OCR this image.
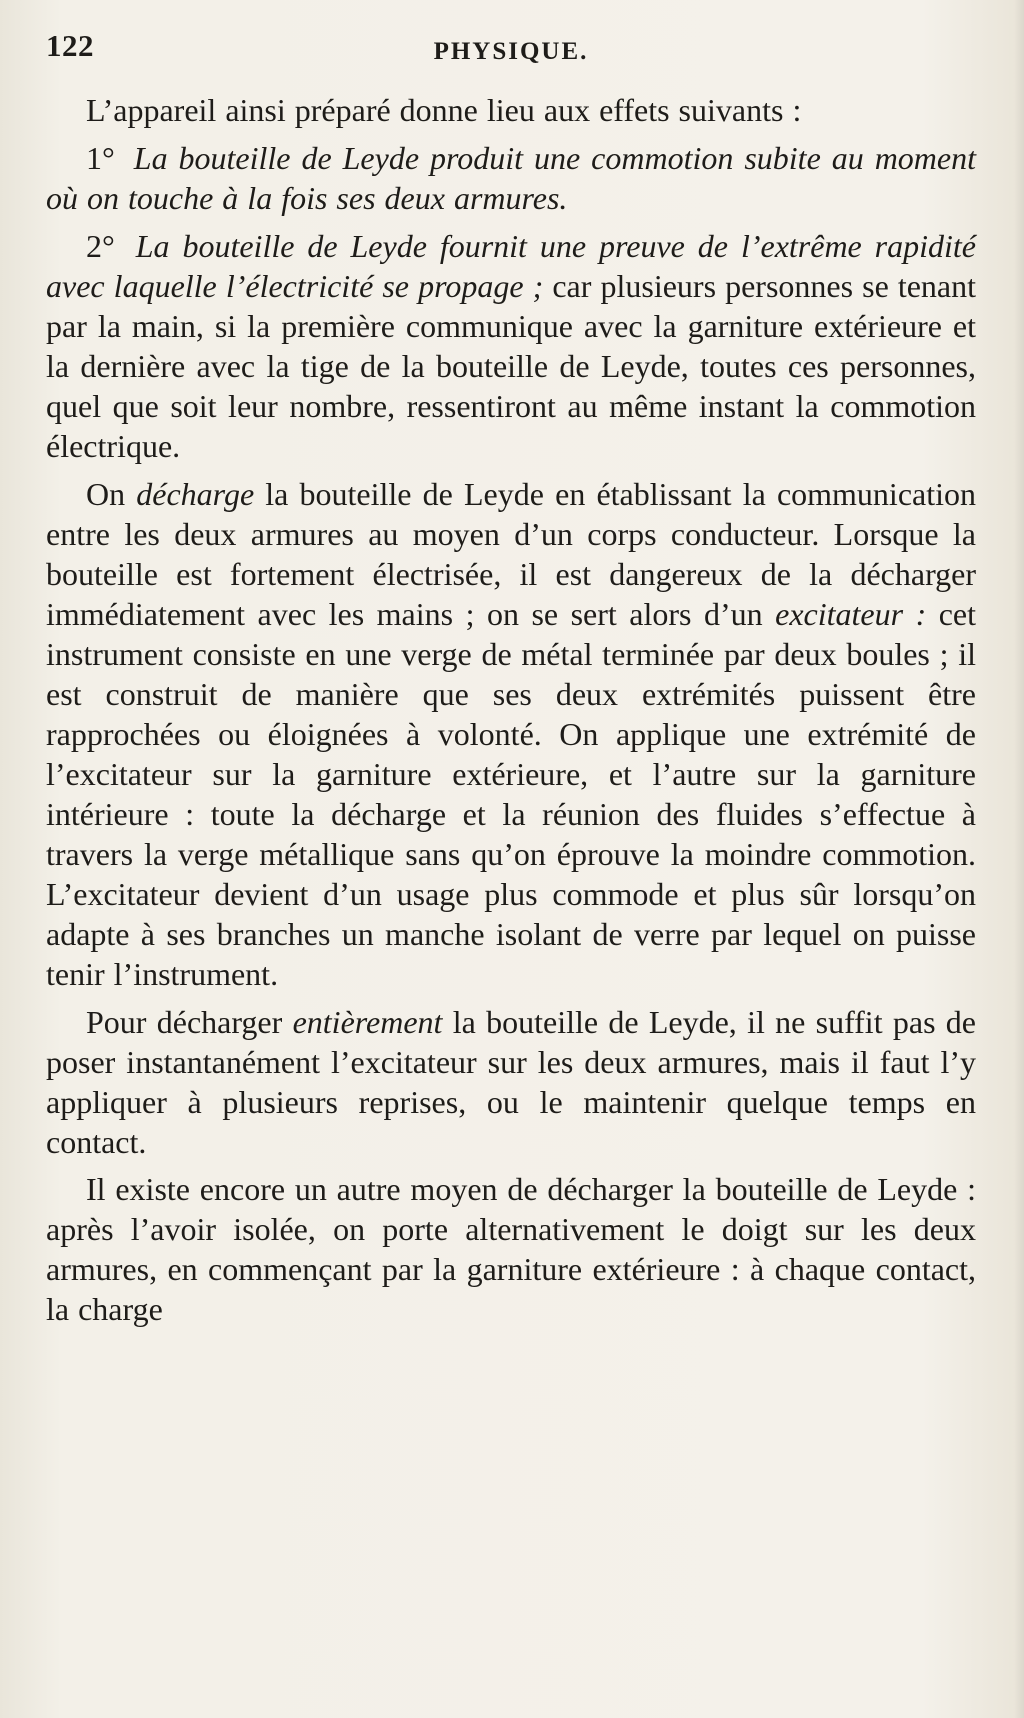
122	PHYSIQUE.

L’appareil ainsi préparé donne lieu aux effets suivants :

1° La bouteille de Leyde produit une commotion subite au moment où on touche à la fois ses deux armures.

2° La bouteille de Leyde fournit une preuve de l’extrême rapidité avec laquelle l’électricité se propage ; car plusieurs personnes se tenant par la main, si la première communique avec la garniture extérieure et la dernière avec la tige de la bouteille de Leyde, toutes ces personnes, quel que soit leur nombre, ressentiront au même instant la commotion électrique.

On décharge la bouteille de Leyde en établissant la communication entre les deux armures au moyen d’un corps conducteur. Lorsque la bouteille est fortement électrisée, il est dangereux de la décharger immédiatement avec les mains ; on se sert alors d’un excitateur : cet instrument consiste en une verge de métal terminée par deux boules ; il est construit de manière que ses deux extrémités puissent être rapprochées ou éloignées à volonté. On applique une extrémité de l’excitateur sur la garniture extérieure, et l’autre sur la garniture intérieure : toute la décharge et la réunion des fluides s’effectue à travers la verge métallique sans qu’on éprouve la moindre commotion. L’excitateur devient d’un usage plus commode et plus sûr lorsqu’on adapte à ses branches un manche isolant de verre par lequel on puisse tenir l’instrument.

Pour décharger entièrement la bouteille de Leyde, il ne suffit pas de poser instantanément l’excitateur sur les deux armures, mais il faut l’y appliquer à plusieurs reprises, ou le maintenir quelque temps en contact.

Il existe encore un autre moyen de décharger la bouteille de Leyde : après l’avoir isolée, on porte alternativement le doigt sur les deux armures, en commençant par la garniture extérieure : à chaque contact, la charge
